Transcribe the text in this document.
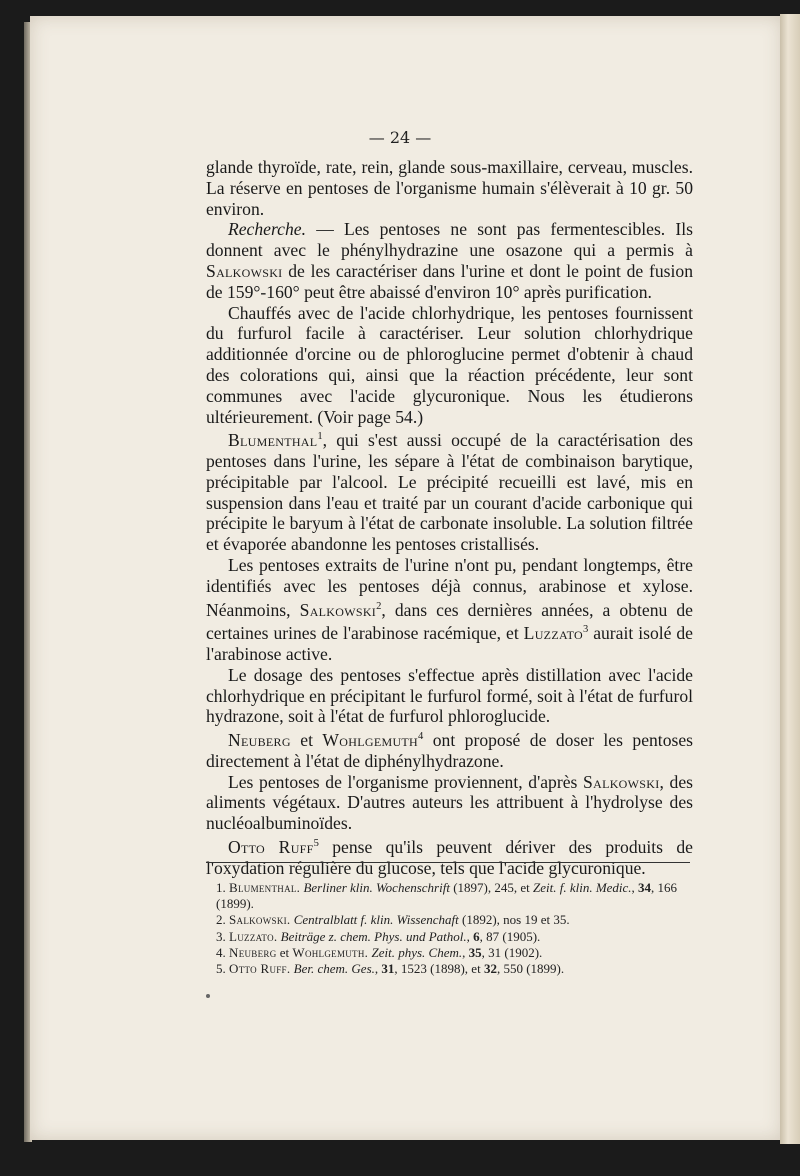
— 24 —

glande thyroïde, rate, rein, glande sous-maxillaire, cerveau, muscles. La réserve en pentoses de l'organisme humain s'élèverait à 10 gr. 50 environ.

Recherche. — Les pentoses ne sont pas fermentescibles. Ils donnent avec le phénylhydrazine une osazone qui a permis à Salkowski de les caractériser dans l'urine et dont le point de fusion de 159°-160° peut être abaissé d'environ 10° après purification.

Chauffés avec de l'acide chlorhydrique, les pentoses fournissent du furfurol facile à caractériser. Leur solution chlorhydrique additionnée d'orcine ou de phloroglucine permet d'obtenir à chaud des colorations qui, ainsi que la réaction précédente, leur sont communes avec l'acide glycuronique. Nous les étudierons ultérieurement. (Voir page 54.)

Blumenthal$^1$, qui s'est aussi occupé de la caractérisation des pentoses dans l'urine, les sépare à l'état de combinaison barytique, précipitable par l'alcool. Le précipité recueilli est lavé, mis en suspension dans l'eau et traité par un courant d'acide carbonique qui précipite le baryum à l'état de carbonate insoluble. La solution filtrée et évaporée abandonne les pentoses cristallisés.

Les pentoses extraits de l'urine n'ont pu, pendant longtemps, être identifiés avec les pentoses déjà connus, arabinose et xylose. Néanmoins, Salkowski$^2$, dans ces dernières années, a obtenu de certaines urines de l'arabinose racémique, et Luzzato$^3$ aurait isolé de l'arabinose active.

Le dosage des pentoses s'effectue après distillation avec l'acide chlorhydrique en précipitant le furfurol formé, soit à l'état de furfurol hydrazone, soit à l'état de furfurol phloroglucide.

Neuberg et Wohlgemuth$^4$ ont proposé de doser les pentoses directement à l'état de diphénylhydrazone.

Les pentoses de l'organisme proviennent, d'après Salkowski, des aliments végétaux. D'autres auteurs les attribuent à l'hydrolyse des nucléoalbuminoïdes.

Otto Ruff$^5$ pense qu'ils peuvent dériver des produits de l'oxydation régulière du glucose, tels que l'acide glycuronique.

1. Blumenthal. Berliner klin. Wochenschrift (1897), 245, et Zeit. f. klin. Medic., 34, 166 (1899).
2. Salkowski. Centralblatt f. klin. Wissenchaft (1892), nos 19 et 35.
3. Luzzato. Beiträge z. chem. Phys. und Pathol., 6, 87 (1905).
4. Neuberg et Wohlgemuth. Zeit. phys. Chem., 35, 31 (1902).
5. Otto Ruff. Ber. chem. Ges., 31, 1523 (1898), et 32, 550 (1899).
